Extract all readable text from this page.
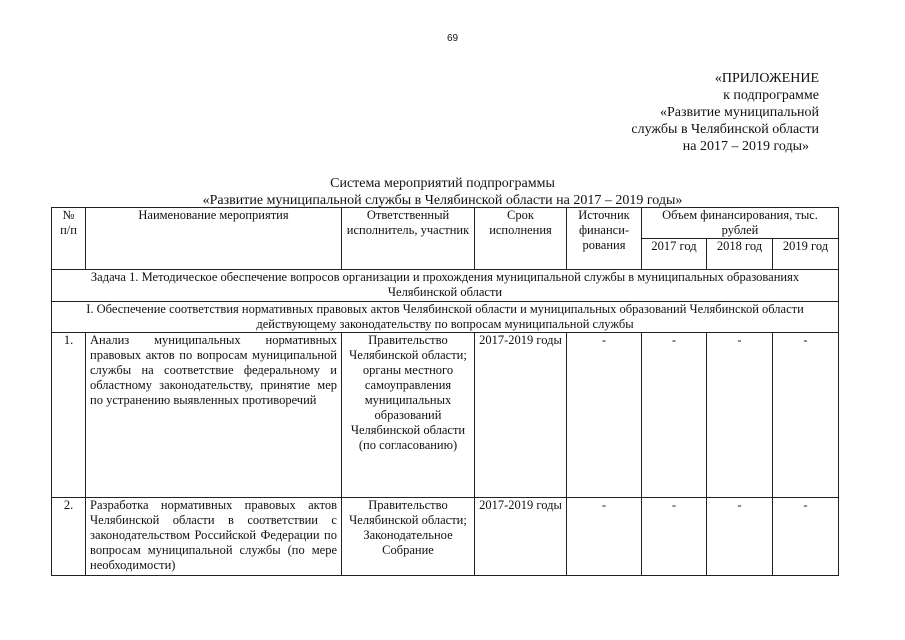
69
«ПРИЛОЖЕНИЕ
к подпрограмме
«Развитие муниципальной
службы в Челябинской области
на 2017 – 2019 годы»
Система мероприятий подпрограммы
«Развитие муниципальной службы в Челябинской области на 2017 – 2019 годы»
№ п/п	Наименование мероприятия	Ответственный исполнитель, участник	Срок исполнения	Источник финанси-рования	Объем финансирования, тыс. рублей		
					2017 год	2018 год	2019 год
Задача 1. Методическое обеспечение вопросов организации и прохождения муниципальной службы в муниципальных образованиях Челябинской области							
I. Обеспечение соответствия нормативных правовых актов Челябинской области и муниципальных образований Челябинской области действующему законодательству по вопросам муниципальной службы							
1.	Анализ муниципальных нормативных правовых актов по вопросам муниципальной службы на соответствие федеральному и областному законодательству, принятие мер по устранению выявленных противоречий	Правительство Челябинской области; органы местного самоуправления муниципальных образований Челябинской области (по согласованию)	2017-2019 годы	-	-	-	-
2.	Разработка нормативных правовых актов Челябинской области в соответствии с законодательством Российской Федерации по вопросам муниципальной службы (по мере необходимости)	Правительство Челябинской области; Законодательное Собрание	2017-2019 годы	-	-	-	-
